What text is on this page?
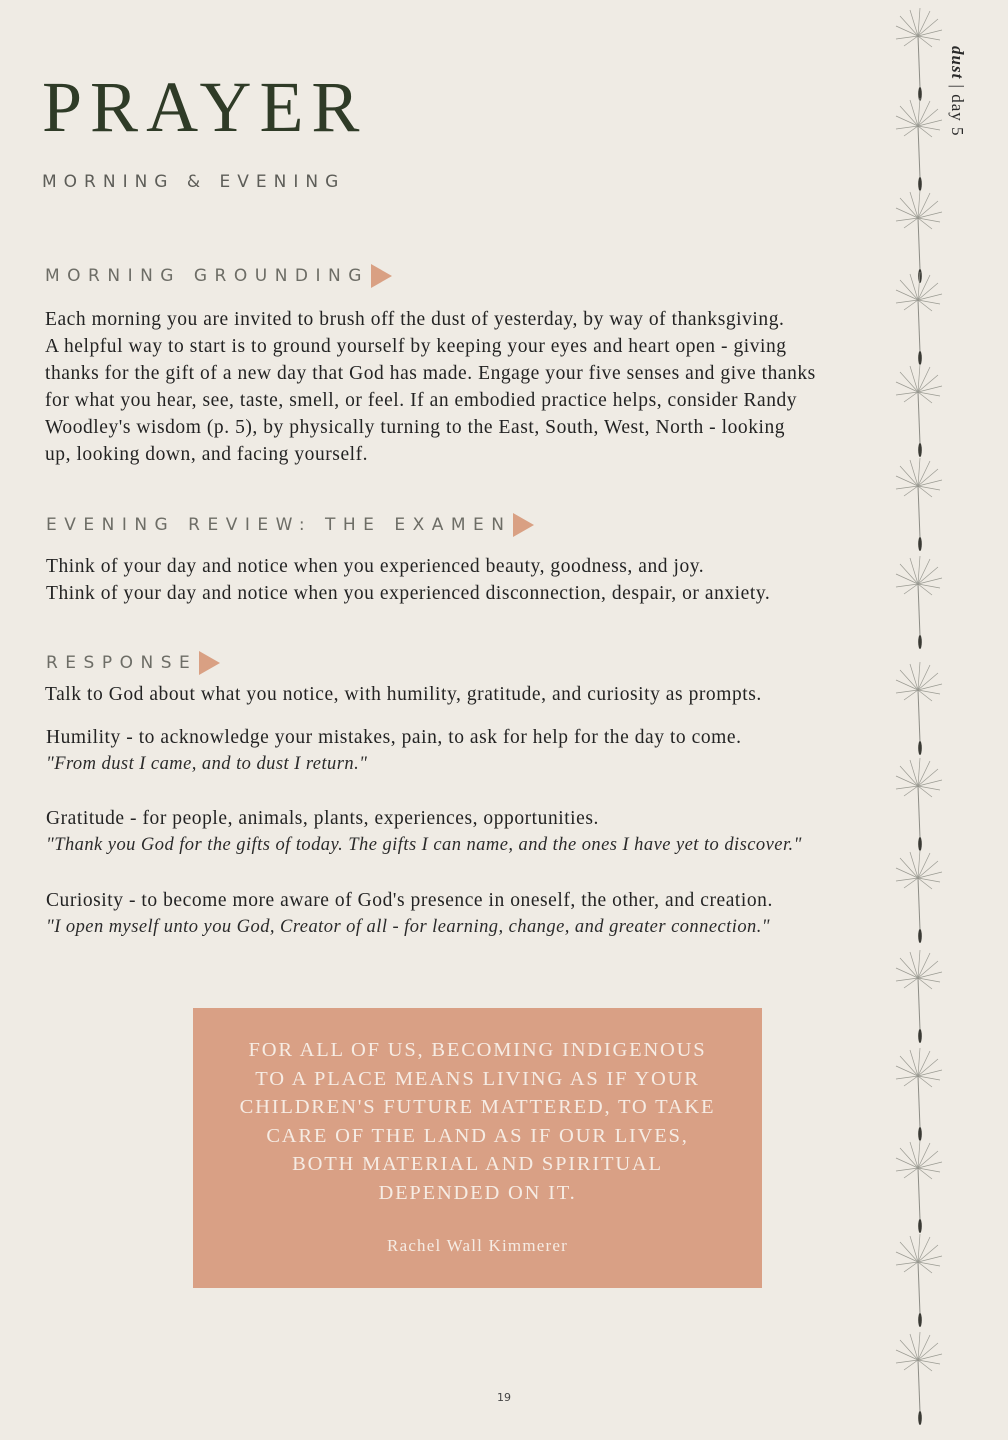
PRAYER
MORNING & EVENING
dust | day 5
MORNING GROUNDING

Each morning you are invited to brush off the dust of yesterday, by way of thanksgiving.

A helpful way to start is to ground yourself by keeping your eyes and heart open - giving

thanks for the gift of a new day that God has made. Engage your five senses and give thanks

for what you hear, see, taste, smell, or feel. If an embodied practice helps, consider Randy

Woodley's wisdom (p. 5), by physically turning to the East, South, West, North - looking

up, looking down, and facing yourself.

EVENING REVIEW: THE EXAMEN

Think of your day and notice when you experienced beauty, goodness, and joy.

Think of your day and notice when you experienced disconnection, despair, or anxiety.

RESPONSE

Talk to God about what you notice, with humility, gratitude, and curiosity as prompts.

Humility - to acknowledge your mistakes, pain, to ask for help for the day to come.

"From dust I came, and to dust I return."

Gratitude - for people, animals, plants, experiences, opportunities.

"Thank you God for the gifts of today. The gifts I can name, and the ones I have yet to discover."

Curiosity - to become more aware of God's presence in oneself, the other, and creation.

"I open myself unto you God, Creator of all - for learning, change, and greater connection."

FOR ALL OF US, BECOMING INDIGENOUS
TO A PLACE MEANS LIVING AS IF YOUR
CHILDREN'S FUTURE MATTERED, TO TAKE
CARE OF THE LAND AS IF OUR LIVES,
BOTH MATERIAL AND SPIRITUAL
DEPENDED ON IT.
Rachel Wall Kimmerer
19
